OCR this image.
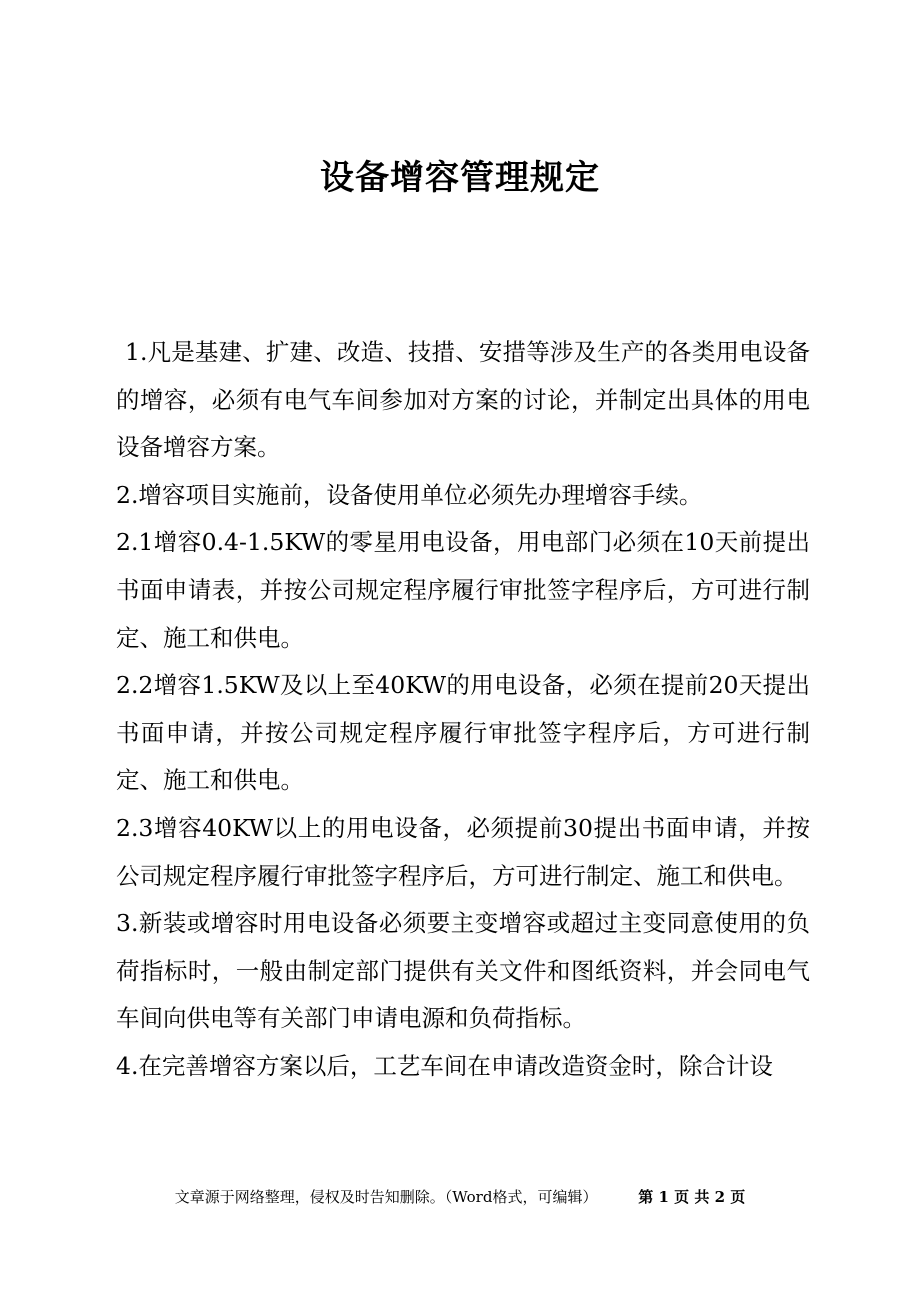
设备增容管理规定

1.凡是基建、扩建、改造、技措、安措等涉及生产的各类用电设备的增容，必须有电气车间参加对方案的讨论，并制定出具体的用电设备增容方案。

2.增容项目实施前，设备使用单位必须先办理增容手续。

2.1增容0.4-1.5KW的零星用电设备，用电部门必须在10天前提出书面申请表，并按公司规定程序履行审批签字程序后，方可进行制定、施工和供电。

2.2增容1.5KW及以上至40KW的用电设备，必须在提前20天提出书面申请，并按公司规定程序履行审批签字程序后，方可进行制定、施工和供电。

2.3增容40KW以上的用电设备，必须提前30提出书面申请，并按公司规定程序履行审批签字程序后，方可进行制定、施工和供电。

3.新装或增容时用电设备必须要主变增容或超过主变同意使用的负荷指标时，一般由制定部门提供有关文件和图纸资料，并会同电气车间向供电等有关部门申请电源和负荷指标。

4.在完善增容方案以后，工艺车间在申请改造资金时，除合计设

文章源于网络整理，侵权及时告知删除。（Word格式，可编辑）	第 1 页 共 2 页
